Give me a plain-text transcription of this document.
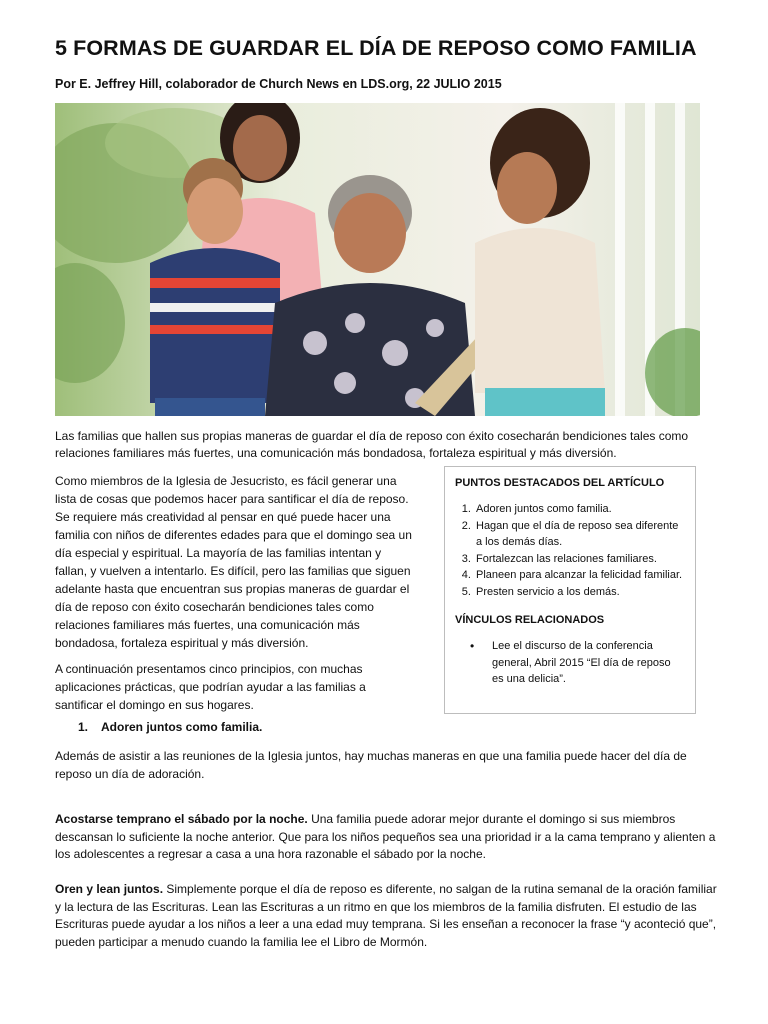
5 FORMAS DE GUARDAR EL DÍA DE REPOSO COMO FAMILIA
Por E. Jeffrey Hill, colaborador de Church News en LDS.org, 22 JULIO 2015
Las familias que hallen sus propias maneras de guardar el día de reposo con éxito cosecharán bendiciones tales como relaciones familiares más fuertes, una comunicación más bondadosa, fortaleza espiritual y más diversión.

Como miembros de la Iglesia de Jesucristo, es fácil generar una lista de cosas que podemos hacer para santificar el día de reposo. Se requiere más creatividad al pensar en qué puede hacer una familia con niños de diferentes edades para que el domingo sea un día especial y espiritual. La mayoría de las familias intentan y fallan, y vuelven a intentarlo. Es difícil, pero las familias que siguen adelante hasta que encuentran sus propias maneras de guardar el día de reposo con éxito cosecharán bendiciones tales como relaciones familiares más fuertes, una comunicación más bondadosa, fortaleza espiritual y más diversión.

A continuación presentamos cinco principios, con muchas aplicaciones prácticas, que podrían ayudar a las familias a santificar el domingo en sus hogares.

PUNTOS DESTACADOS DEL ARTÍCULO
1. Adoren juntos como familia.
2. Hagan que el día de reposo sea diferente a los demás días.
3. Fortalezcan las relaciones familiares.
4. Planeen para alcanzar la felicidad familiar.
5. Presten servicio a los demás.
VÍNCULOS RELACIONADOS
• Lee el discurso de la conferencia general, Abril 2015 “El día de reposo es una delicia”.
1. Adoren juntos como familia.
Además de asistir a las reuniones de la Iglesia juntos, hay muchas maneras en que una familia puede hacer del día de reposo un día de adoración.
Acostarse temprano el sábado por la noche. Una familia puede adorar mejor durante el domingo si sus miembros descansan lo suficiente la noche anterior. Que para los niños pequeños sea una prioridad ir a la cama temprano y alienten a los adolescentes a regresar a casa a una hora razonable el sábado por la noche.
Oren y lean juntos. Simplemente porque el día de reposo es diferente, no salgan de la rutina semanal de la oración familiar y la lectura de las Escrituras. Lean las Escrituras a un ritmo en que los miembros de la familia disfruten. El estudio de las Escrituras puede ayudar a los niños a leer a una edad muy temprana. Si les enseñan a reconocer la frase “y aconteció que”, pueden participar a menudo cuando la familia lee el Libro de Mormón.
